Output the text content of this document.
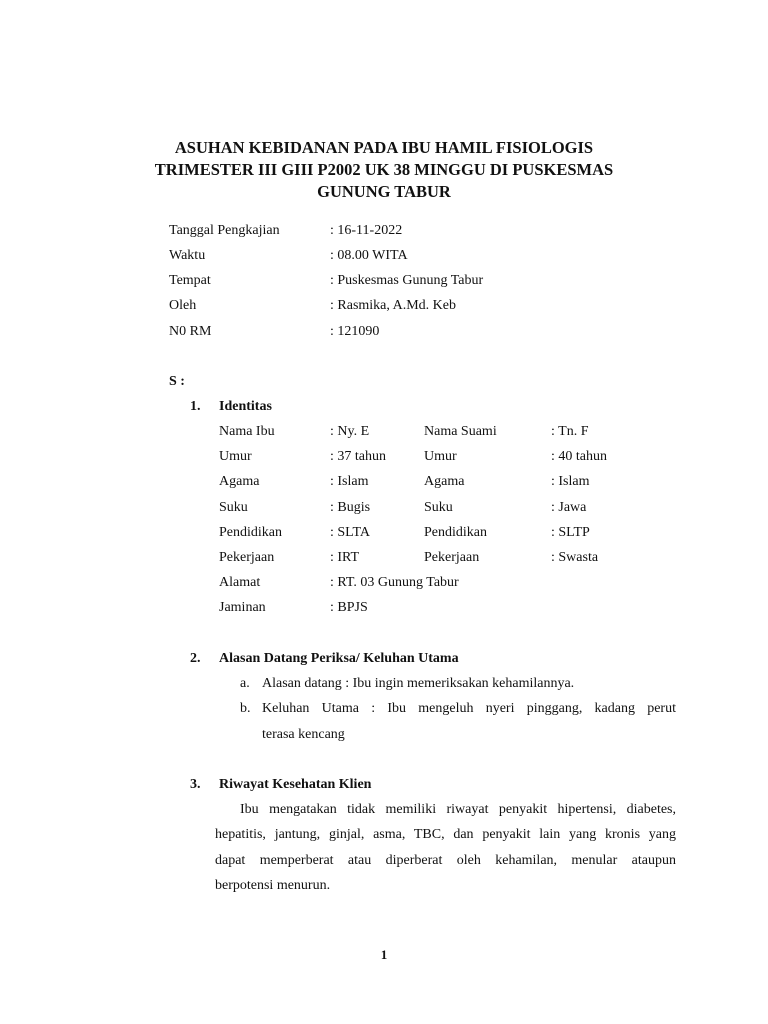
ASUHAN KEBIDANAN PADA IBU HAMIL FISIOLOGIS
TRIMESTER III GIII P2002 UK 38 MINGGU DI PUSKESMAS
GUNUNG TABUR
Tanggal Pengkajian	: 16-11-2022
Waktu	: 08.00 WITA
Tempat	: Puskesmas Gunung Tabur
Oleh	: Rasmika, A.Md. Keb
N0 RM	: 121090
S :
1. Identitas
Nama Ibu	: Ny. E	Nama Suami	: Tn. F
Umur	: 37 tahun	Umur	: 40 tahun
Agama	: Islam	Agama	: Islam
Suku	: Bugis	Suku	: Jawa
Pendidikan	: SLTA	Pendidikan	: SLTP
Pekerjaan	: IRT	Pekerjaan	: Swasta
Alamat	: RT. 03 Gunung Tabur
Jaminan	: BPJS
2. Alasan Datang Periksa/ Keluhan Utama
a. Alasan datang : Ibu ingin memeriksakan kehamilannya.
b. Keluhan Utama : Ibu mengeluh nyeri pinggang, kadang perut
terasa kencang
3. Riwayat Kesehatan Klien
Ibu mengatakan tidak memiliki riwayat penyakit hipertensi, diabetes,
hepatitis, jantung, ginjal, asma, TBC, dan penyakit lain yang kronis yang
dapat memperberat atau diperberat oleh kehamilan, menular ataupun
berpotensi menurun.
1
